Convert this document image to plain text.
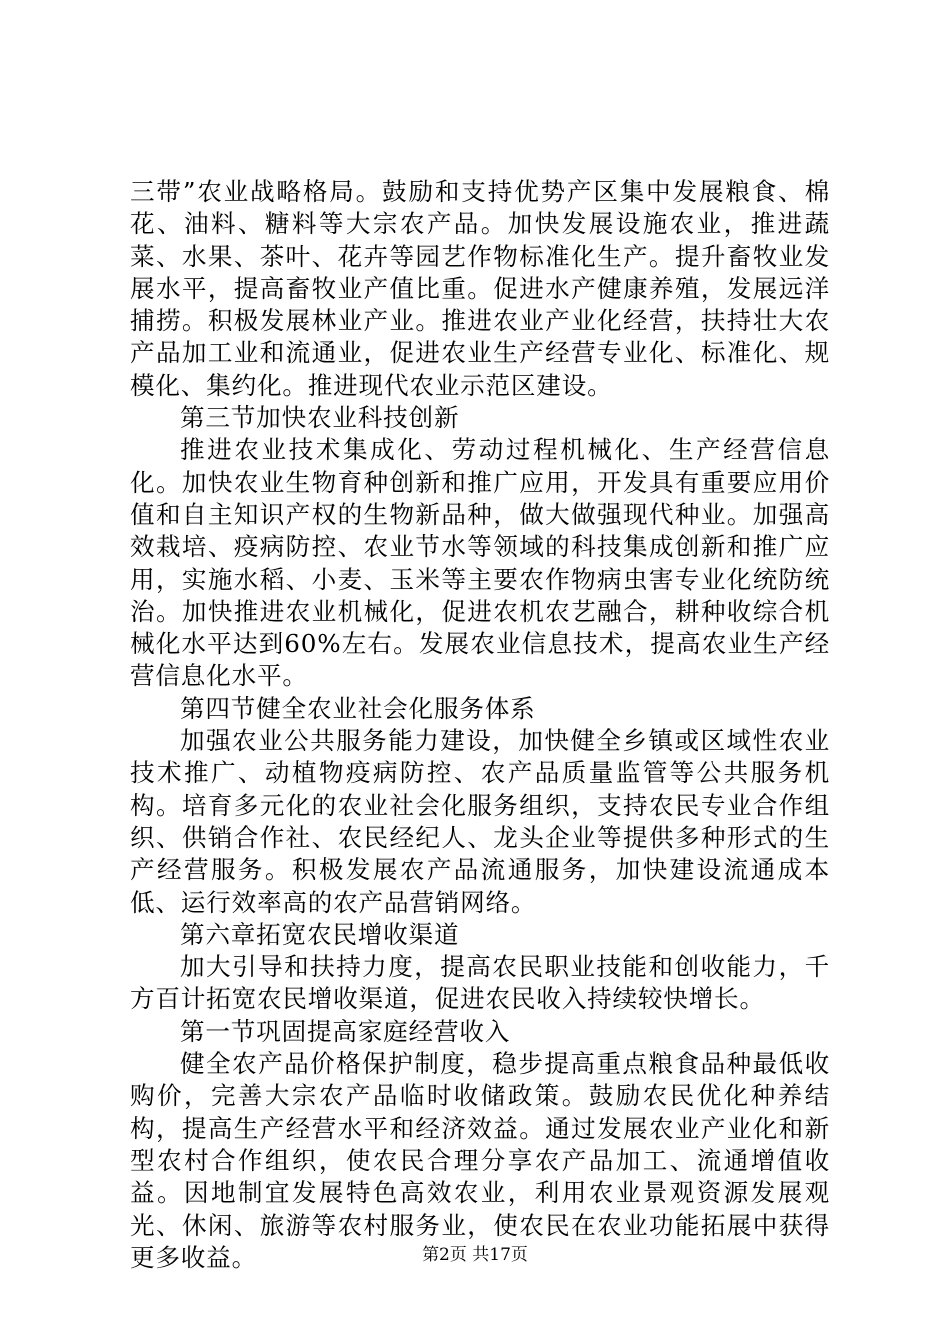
三带”农业战略格局。鼓励和支持优势产区集中发展粮食、棉花、油料、糖料等大宗农产品。加快发展设施农业，推进蔬菜、水果、茶叶、花卉等园艺作物标准化生产。提升畜牧业发展水平，提高畜牧业产值比重。促进水产健康养殖，发展远洋捕捞。积极发展林业产业。推进农业产业化经营，扶持壮大农产品加工业和流通业，促进农业生产经营专业化、标准化、规模化、集约化。推进现代农业示范区建设。

第三节加快农业科技创新

推进农业技术集成化、劳动过程机械化、生产经营信息化。加快农业生物育种创新和推广应用，开发具有重要应用价值和自主知识产权的生物新品种，做大做强现代种业。加强高效栽培、疫病防控、农业节水等领域的科技集成创新和推广应用，实施水稻、小麦、玉米等主要农作物病虫害专业化统防统治。加快推进农业机械化，促进农机农艺融合，耕种收综合机械化水平达到60%左右。发展农业信息技术，提高农业生产经营信息化水平。

第四节健全农业社会化服务体系

加强农业公共服务能力建设，加快健全乡镇或区域性农业技术推广、动植物疫病防控、农产品质量监管等公共服务机构。培育多元化的农业社会化服务组织，支持农民专业合作组织、供销合作社、农民经纪人、龙头企业等提供多种形式的生产经营服务。积极发展农产品流通服务，加快建设流通成本低、运行效率高的农产品营销网络。

第六章拓宽农民增收渠道

加大引导和扶持力度，提高农民职业技能和创收能力，千方百计拓宽农民增收渠道，促进农民收入持续较快增长。

第一节巩固提高家庭经营收入

健全农产品价格保护制度，稳步提高重点粮食品种最低收购价，完善大宗农产品临时收储政策。鼓励农民优化种养结构，提高生产经营水平和经济效益。通过发展农业产业化和新型农村合作组织，使农民合理分享农产品加工、流通增值收益。因地制宜发展特色高效农业，利用农业景观资源发展观光、休闲、旅游等农村服务业，使农民在农业功能拓展中获得更多收益。	第2页 共17页
